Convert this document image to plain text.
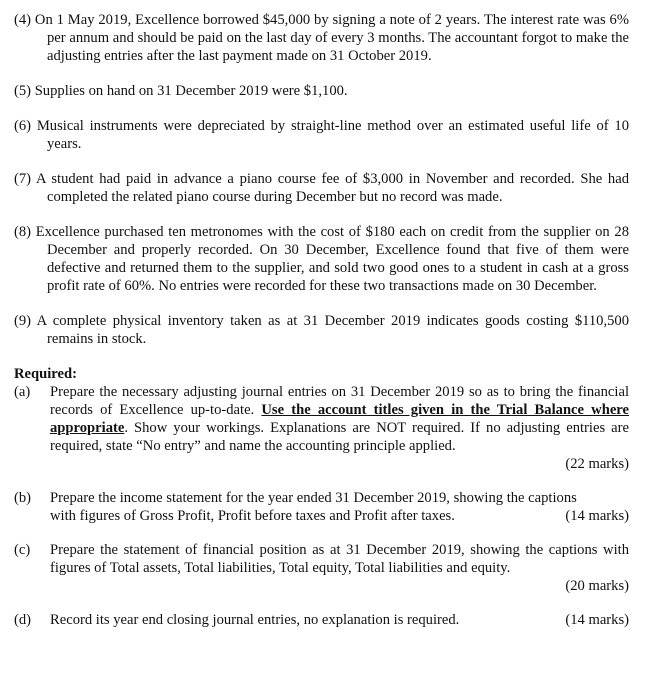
(4) On 1 May 2019, Excellence borrowed $45,000 by signing a note of 2 years. The interest rate was 6% per annum and should be paid on the last day of every 3 months. The accountant forgot to make the adjusting entries after the last payment made on 31 October 2019.

(5) Supplies on hand on 31 December 2019 were $1,100.

(6) Musical instruments were depreciated by straight-line method over an estimated useful life of 10 years.

(7) A student had paid in advance a piano course fee of $3,000 in November and recorded. She had completed the related piano course during December but no record was made.

(8) Excellence purchased ten metronomes with the cost of $180 each on credit from the supplier on 28 December and properly recorded. On 30 December, Excellence found that five of them were defective and returned them to the supplier, and sold two good ones to a student in cash at a gross profit rate of 60%. No entries were recorded for these two transactions made on 30 December.

(9) A complete physical inventory taken as at 31 December 2019 indicates goods costing $110,500 remains in stock.

Required:

(a)	Prepare the necessary adjusting journal entries on 31 December 2019 so as to bring the financial records of Excellence up-to-date. Use the account titles given in the Trial Balance where appropriate. Show your workings. Explanations are NOT required. If no adjusting entries are required, state “No entry” and name the accounting principle applied.

(22 marks)

(b)	Prepare the income statement for the year ended 31 December 2019, showing the captions
with figures of Gross Profit, Profit before taxes and Profit after taxes.	(14 marks)
(c)	Prepare the statement of financial position as at 31 December 2019, showing the captions with figures of Total assets, Total liabilities, Total equity, Total liabilities and equity.

(20 marks)

(d)	Record its year end closing journal entries, no explanation is required.	(14 marks)
